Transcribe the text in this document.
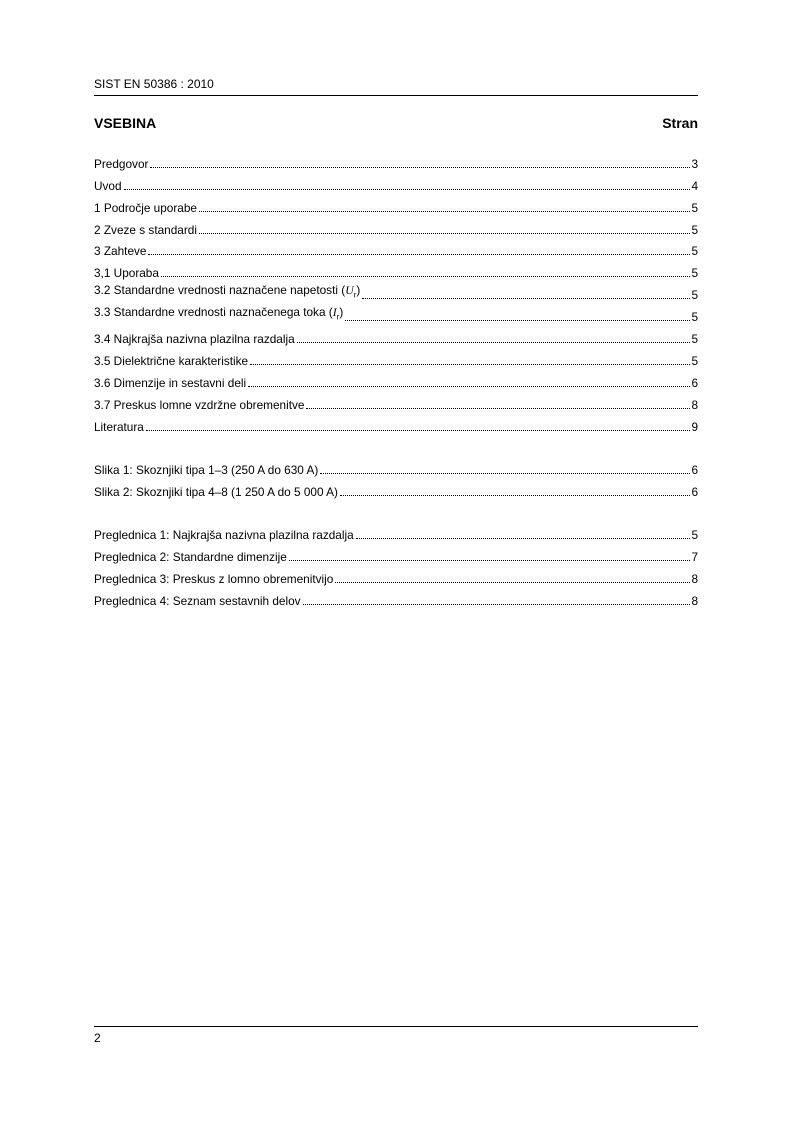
SIST EN 50386 : 2010
VSEBINA	Stran
Predgovor	3
Uvod	4
1 Področje uporabe	5
2 Zveze s standardi	5
3 Zahteve	5
3,1 Uporaba	5
3.2 Standardne vrednosti naznačene napetosti $(U_r)$	5
3.3 Standardne vrednosti naznačenega toka $(I_r)$	5
3.4 Najkrajša nazivna plazilna razdalja	5
3.5 Dielektrične karakteristike	5
3.6 Dimenzije in sestavni deli	6
3.7 Preskus lomne vzdržne obremenitve	8
Literatura	9
Slika 1: Skoznjiki tipa 1–3 (250 A do 630 A)	6
Slika 2: Skoznjiki tipa 4–8 (1 250 A do 5 000 A)	6
Preglednica 1: Najkrajša nazivna plazilna razdalja	5
Preglednica 2: Standardne dimenzije	7
Preglednica 3: Preskus z lomno obremenitvijo	8
Preglednica 4: Seznam sestavnih delov	8
2
